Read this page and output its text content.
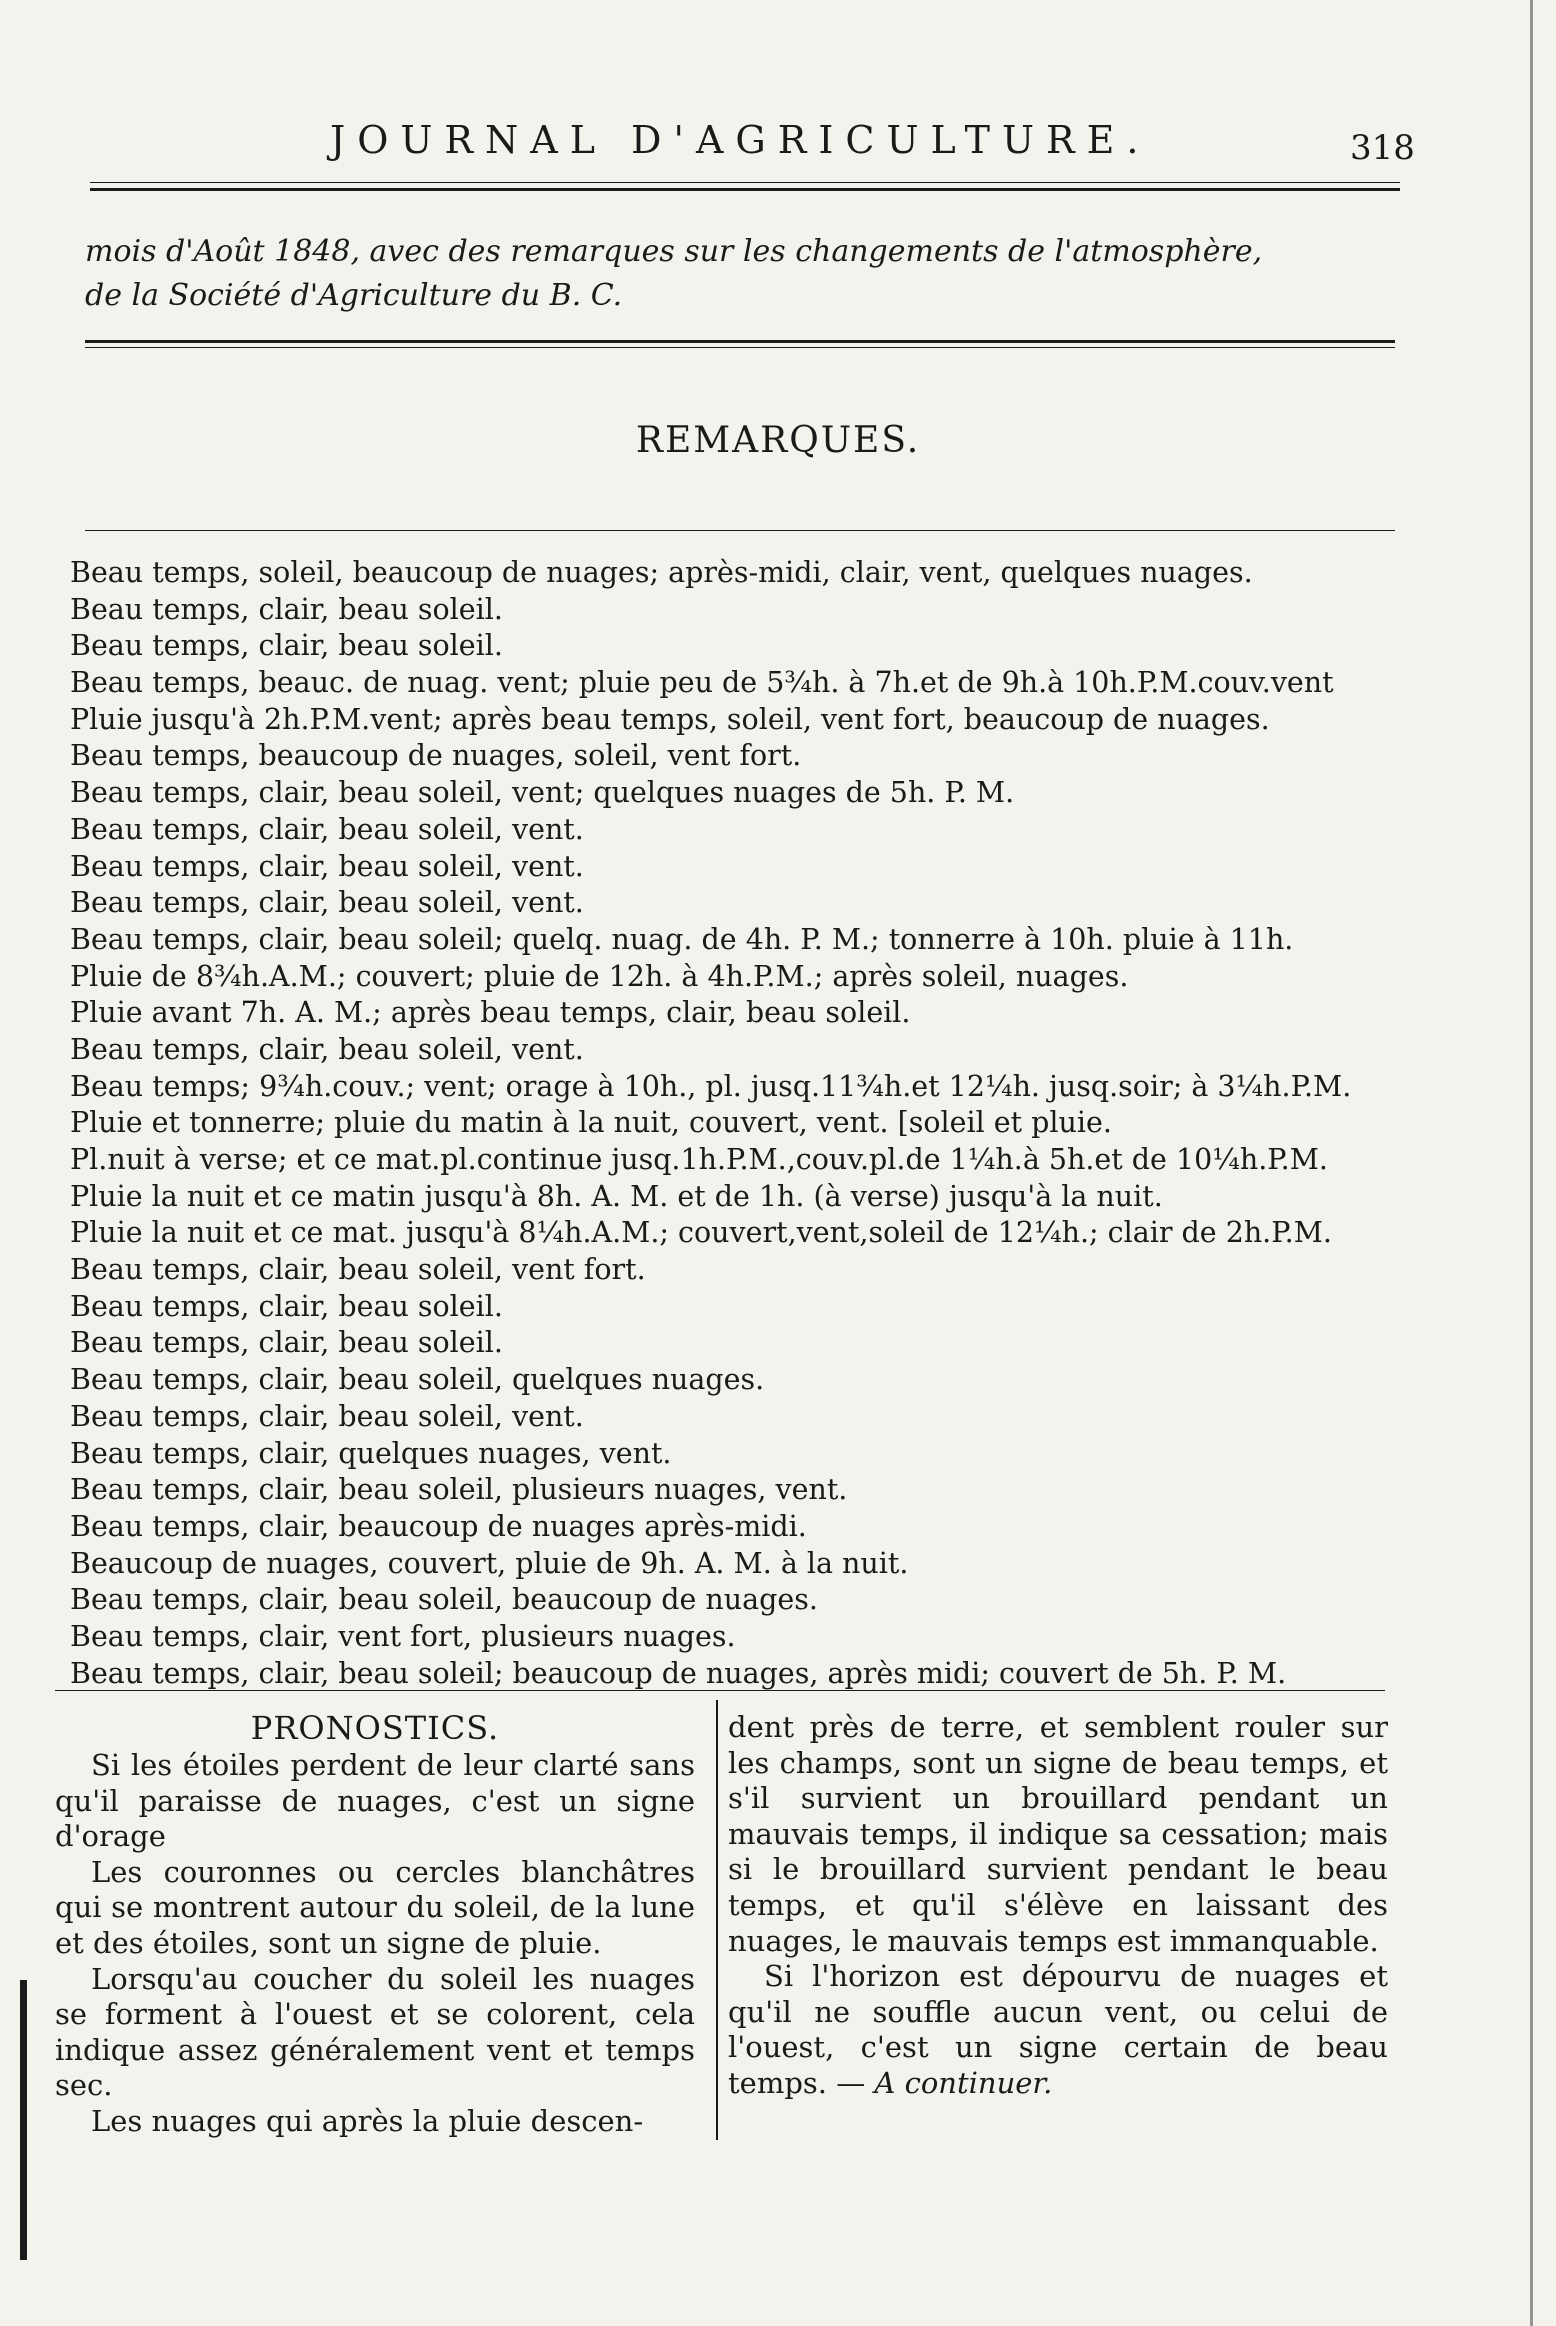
JOURNAL D'AGRICULTURE.	318
mois d'Août 1848, avec des remarques sur les changements de l'atmosphère,
de la Société d'Agriculture du B. C.
REMARQUES.
Beau temps, soleil, beaucoup de nuages; après-midi, clair, vent, quelques nuages.
Beau temps, clair, beau soleil.
Beau temps, clair, beau soleil.
Beau temps, beauc. de nuag. vent; pluie peu de 5¾h. à 7h.et de 9h.à 10h.P.M.couv.vent
Pluie jusqu'à 2h.P.M.vent; après beau temps, soleil, vent fort, beaucoup de nuages.
Beau temps, beaucoup de nuages, soleil, vent fort.
Beau temps, clair, beau soleil, vent; quelques nuages de 5h. P. M.
Beau temps, clair, beau soleil, vent.
Beau temps, clair, beau soleil, vent.
Beau temps, clair, beau soleil, vent.
Beau temps, clair, beau soleil; quelq. nuag. de 4h. P. M.; tonnerre à 10h. pluie à 11h.
Pluie de 8¾h.A.M.; couvert; pluie de 12h. à 4h.P.M.; après soleil, nuages.
Pluie avant 7h. A. M.; après beau temps, clair, beau soleil.
Beau temps, clair, beau soleil, vent.
Beau temps; 9¾h.couv.; vent; orage à 10h., pl. jusq.11¾h.et 12¼h. jusq.soir; à 3¼h.P.M.
Pluie et tonnerre; pluie du matin à la nuit, couvert, vent. [soleil et pluie.
Pl.nuit à verse; et ce mat.pl.continue jusq.1h.P.M.,couv.pl.de 1¼h.à 5h.et de 10¼h.P.M.
Pluie la nuit et ce matin jusqu'à 8h. A. M. et de 1h. (à verse) jusqu'à la nuit.
Pluie la nuit et ce mat. jusqu'à 8¼h.A.M.; couvert,vent,soleil de 12¼h.; clair de 2h.P.M.
Beau temps, clair, beau soleil, vent fort.
Beau temps, clair, beau soleil.
Beau temps, clair, beau soleil.
Beau temps, clair, beau soleil, quelques nuages.
Beau temps, clair, beau soleil, vent.
Beau temps, clair, quelques nuages, vent.
Beau temps, clair, beau soleil, plusieurs nuages, vent.
Beau temps, clair, beaucoup de nuages après-midi.
Beaucoup de nuages, couvert, pluie de 9h. A. M. à la nuit.
Beau temps, clair, beau soleil, beaucoup de nuages.
Beau temps, clair, vent fort, plusieurs nuages.
Beau temps, clair, beau soleil; beaucoup de nuages, après midi; couvert de 5h. P. M.
PRONOSTICS.

Si les étoiles perdent de leur clarté sans qu'il paraisse de nuages, c'est un signe d'orage

Les couronnes ou cercles blanchâtres qui se montrent autour du soleil, de la lune et des étoiles, sont un signe de pluie.

Lorsqu'au coucher du soleil les nuages se forment à l'ouest et se colorent, cela indique assez généralement vent et temps sec.

Les nuages qui après la pluie descen-

dent près de terre, et semblent rouler sur les champs, sont un signe de beau temps, et s'il survient un brouillard pendant un mauvais temps, il indique sa cessation; mais si le brouillard survient pendant le beau temps, et qu'il s'élève en laissant des nuages, le mauvais temps est immanquable.

Si l'horizon est dépourvu de nuages et qu'il ne souffle aucun vent, ou celui de l'ouest, c'est un signe certain de beau temps. — A continuer.
